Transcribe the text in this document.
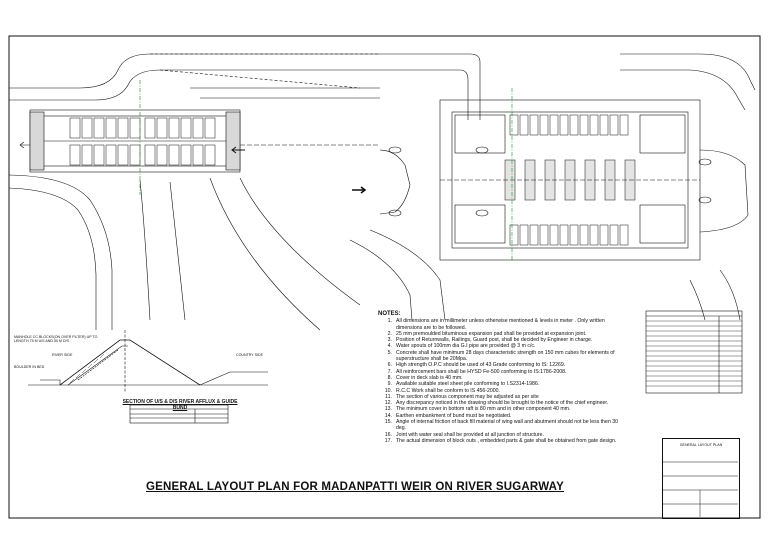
RIVER SIDE	COUNTRY SIDE
BOULDER IN BED
MANHOLE CC BLOCKS(ON OVER FILTER) UP TO LENGTH 75 M U/S AND 50 M D/S
SECTION OF U/S & D/S RIVER AFFLUX & GUIDE BUND
NOTES:
1. All dimensions are in millimeter unless otherwise mentioned & levels in meter . Only written dimensions are to be followed.
2. 25 mm premoulded bituminous expansion pad shall be provided at expansion joint.
3. Position of Returnwalls, Railings, Guard post, shall be decided by Engineer in charge.
4. Water spouts of 100mm dia G.I pipe are provided @ 3 m c/c.
5. Concrete shall have minimum 28 days characteristic strength on 150 mm cubes for elements of superstructure shall be 20Mpa.
6. High strength O.P.C should be used of 43 Grade conforming to IS: 12269.
7. All reinforcement bars shall be HYSD Fe-500 conforming to IS:1786-2008.
8. Cover in deck slab is 40 mm.
9. Available suitable steel sheet pile conforming to I.S2314-1986.
10. R.C.C Work shall be conform to IS 456-2000.
11. The section of various component may be adjusted as per site
12. Any discrepancy noticed in the drawing should be brought to the notice of the chief engineer.
13. The minimum cover in bottom raft is 80 mm and in other component 40 mm.
14. Earthen embankment of bund must be negotiated.
15. Angle of internal friction of back fill material of wing wall and abutment should not be less then 30 deg.
16. Joint with water seal shall be provided at all junction of structure.
17. The actual dimension of block outs , embedded parts & gate shall be obtained from gate design.
GENERAL LAYOUT PLAN
GENERAL LAYOUT PLAN FOR MADANPATTI WEIR ON RIVER SUGARWAY
